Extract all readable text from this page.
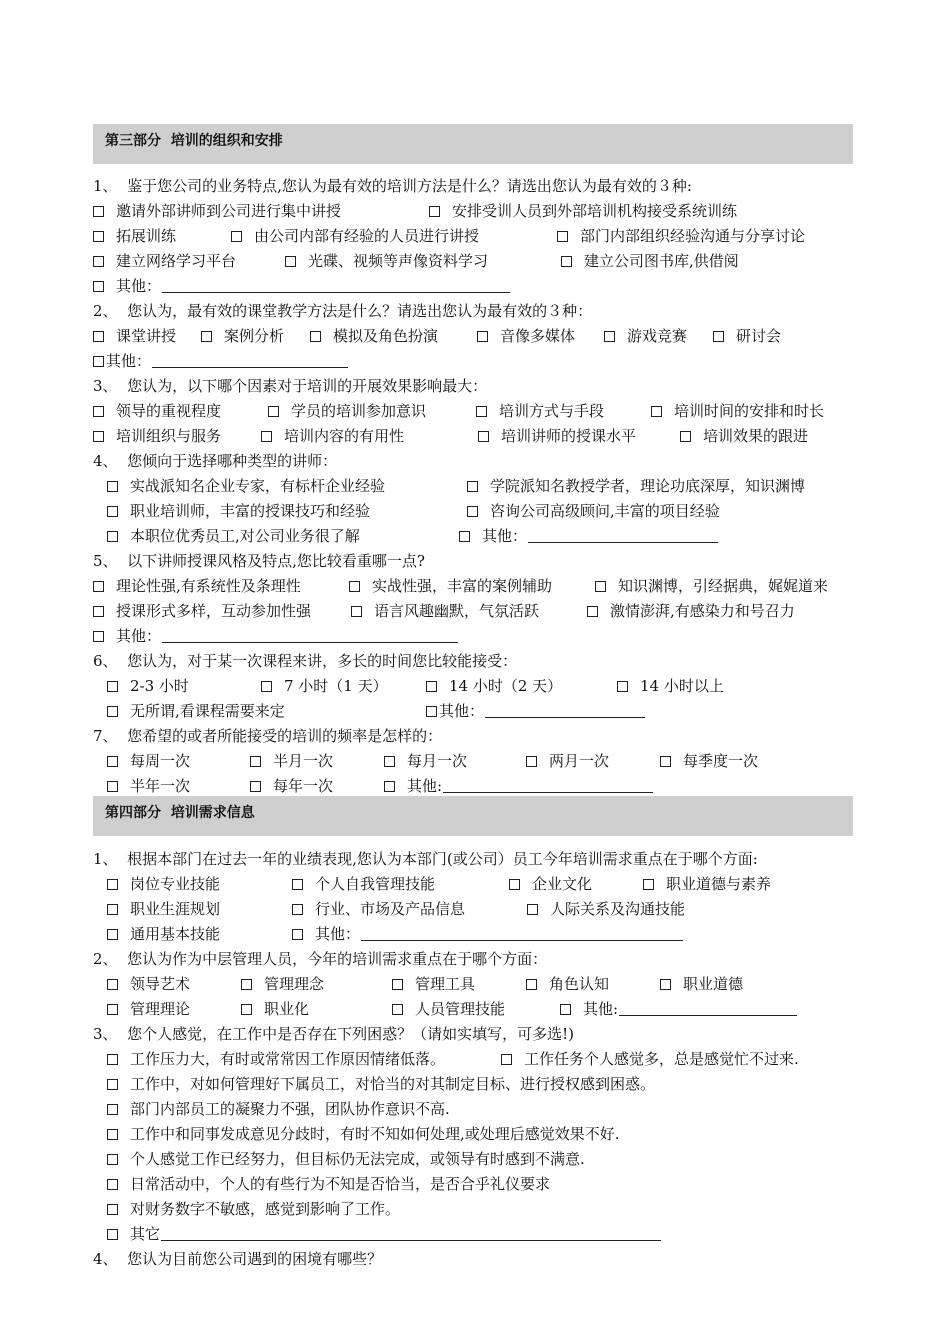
第三部分  培训的组织和安排
1、 鉴于您公司的业务特点,您认为最有效的培训方法是什么？请选出您认为最有效的３种:
邀请外部讲师到公司进行集中讲授	安排受训人员到外部培训机构接受系统训练
拓展训练	由公司内部有经验的人员进行讲授	部门内部组织经验沟通与分享讨论
建立网络学习平台	光碟、视频等声像资料学习	建立公司图书库,供借阅
其他：
2、 您认为，最有效的课堂教学方法是什么？请选出您认为最有效的３种：
课堂讲授	案例分析	模拟及角色扮演	音像多媒体	游戏竞赛	研讨会
其他：
3、 您认为，以下哪个因素对于培训的开展效果影响最大：
领导的重视程度	学员的培训参加意识	培训方式与手段	培训时间的安排和时长
培训组织与服务	培训内容的有用性	培训讲师的授课水平	培训效果的跟进
4、 您倾向于选择哪种类型的讲师：
实战派知名企业专家，有标杆企业经验	学院派知名教授学者，理论功底深厚，知识渊博
职业培训师，丰富的授课技巧和经验	咨询公司高级顾问,丰富的项目经验
本职位优秀员工,对公司业务很了解	其他：
5、 以下讲师授课风格及特点,您比较看重哪一点?
理论性强,有系统性及条理性	实战性强，丰富的案例辅助	知识渊博，引经据典，娓娓道来
授课形式多样，互动参加性强	语言风趣幽默，气氛活跃	激情澎湃,有感染力和号召力
其他：
6、 您认为，对于某一次课程来讲，多长的时间您比较能接受：
2-3 小时	7 小时（1 天）	14 小时（2 天）	14 小时以上
无所谓,看课程需要来定	其他：
7、 您希望的或者所能接受的培训的频率是怎样的：
每周一次	半月一次	每月一次	两月一次	每季度一次
半年一次	每年一次	其他:
第四部分  培训需求信息
1、 根据本部门在过去一年的业绩表现,您认为本部门(或公司）员工今年培训需求重点在于哪个方面:
岗位专业技能	个人自我管理技能	企业文化	职业道德与素养
职业生涯规划	行业、市场及产品信息	人际关系及沟通技能
通用基本技能	其他：
2、 您认为作为中层管理人员，今年的培训需求重点在于哪个方面：
领导艺术	管理理念	管理工具	角色认知	职业道德
管理理论	职业化	人员管理技能	其他:
3、 您个人感觉，在工作中是否存在下列困惑？（请如实填写，可多选!)
工作压力大，有时或常常因工作原因情绪低落。	工作任务个人感觉多，总是感觉忙不过来.
工作中，对如何管理好下属员工，对恰当的对其制定目标、进行授权感到困惑。
部门内部员工的凝聚力不强，团队协作意识不高.
工作中和同事发成意见分歧时，有时不知如何处理,或处理后感觉效果不好.
个人感觉工作已经努力，但目标仍无法完成，或领导有时感到不满意.
日常活动中，个人的有些行为不知是否恰当，是否合乎礼仪要求
对财务数字不敏感，感觉到影响了工作。
其它
4、 您认为目前您公司遇到的困境有哪些？
